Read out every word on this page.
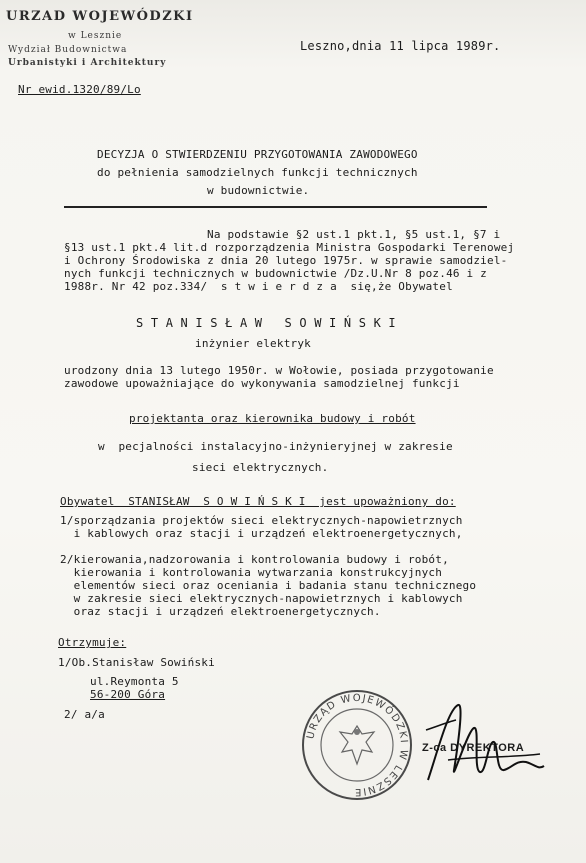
URZAD WOJEWÓDZKI
w Lesznie
Wydział Budownictwa
Urbanistyki i Architektury
Leszno,dnia 11 lipca 1989r.
Nr ewid.1320/89/Lo
DECYZJA O STWIERDZENIU PRZYGOTOWANIA ZAWODOWEGO
do pełnienia samodzielnych funkcji technicznych
w budownictwie.
Na podstawie §2 ust.1 pkt.1, §5 ust.1, §7 i
§13 ust.1 pkt.4 lit.d rozporządzenia Ministra Gospodarki Terenowej
i Ochrony Środowiska z dnia 20 lutego 1975r. w sprawie samodziel-
nych funkcji technicznych w budownictwie /Dz.U.Nr 8 poz.46 i z
1988r. Nr 42 poz.334/  s t w i e r d z a  się,że Obywatel
S T A N I S Ł A W   S O W I Ń S K I
inżynier elektryk
urodzony dnia 13 lutego 1950r. w Wołowie, posiada przygotowanie
zawodowe upoważniające do wykonywania samodzielnej funkcji
projektanta oraz kierownika budowy i robót
w  pecjalności instalacyjno-inżynieryjnej w zakresie
sieci elektrycznych.
Obywatel  STANISŁAW  S O W I Ń S K I  jest upoważniony do:
1/sporządzania projektów sieci elektrycznych-napowietrznych
i kablowych oraz stacji i urządzeń elektroenergetycznych,
2/kierowania,nadzorowania i kontrolowania budowy i robót,
kierowania i kontrolowania wytwarzania konstrukcyjnych
elementów sieci oraz oceniania i badania stanu technicznego
w zakresie sieci elektrycznych-napowietrznych i kablowych
oraz stacji i urządzeń elektroenergetycznych.
Otrzymuje:
1/Ob.Stanisław Sowiński
ul.Reymonta 5
56-200 Góra
2/ a/a
URZĄD WOJEWÓDZKI W LESZNIE
Z-ca DYREKTORA
